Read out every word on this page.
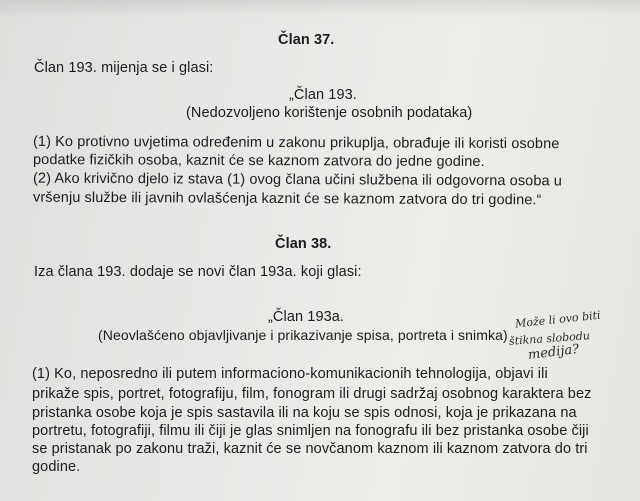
Član 37.
Član 193. mijenja se i glasi:
„Član 193.
(Nedozvoljeno korištenje osobnih podataka)
(1) Ko protivno uvjetima određenim u zakonu prikuplja, obrađuje ili koristi osobne
podatke fizičkih osoba, kaznit će se kaznom zatvora do jedne godine.
(2) Ako krivično djelo iz stava (1) ovog člana učini službena ili odgovorna osoba u
vršenju službe ili javnih ovlašćenja kaznit će se kaznom zatvora do tri godine.“
Član 38.
Iza člana 193. dodaje se novi član 193a. koji glasi:
„Član 193a.
(Neovlašćeno objavljivanje i prikazivanje spisa, portreta i snimka)
Može li ovo biti
štikna slobodu
medija?
(1) Ko, neposredno ili putem informaciono-komunikacionih tehnologija, objavi ili
prikaže spis, portret, fotografiju, film, fonogram ili drugi sadržaj osobnog karaktera bez
pristanka osobe koja je spis sastavila ili na koju se spis odnosi, koja je prikazana na
portretu, fotografiji, filmu ili čiji je glas snimljen na fonografu ili bez pristanka osobe čiji
se pristanak po zakonu traži, kaznit će se novčanom kaznom ili kaznom zatvora do tri
godine.
